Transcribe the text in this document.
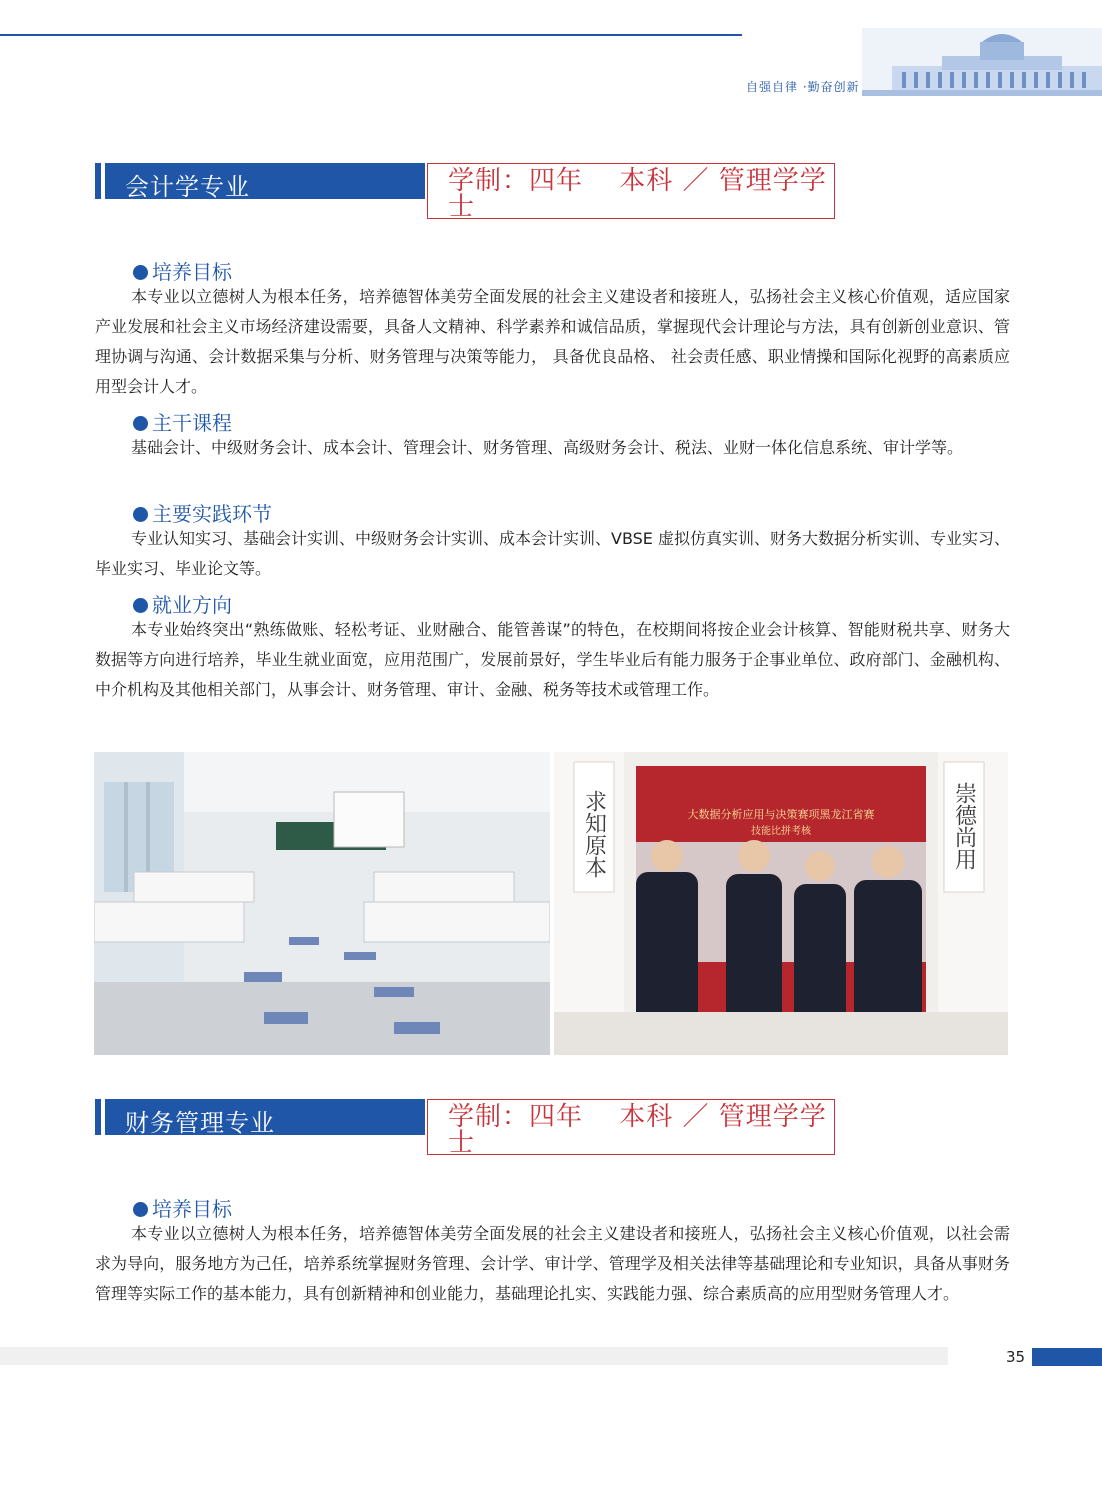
自强自律 ·勤奋创新
会计学专业	学制：四年　 本科 ／ 管理学学士
培养目标
本专业以立德树人为根本任务，培养德智体美劳全面发展的社会主义建设者和接班人，弘扬社会主义核心价值观，适应国家产业发展和社会主义市场经济建设需要，具备人文精神、科学素养和诚信品质，掌握现代会计理论与方法，具有创新创业意识、管理协调与沟通、会计数据采集与分析、财务管理与决策等能力， 具备优良品格、 社会责任感、职业情操和国际化视野的高素质应用型会计人才。
主干课程
基础会计、中级财务会计、成本会计、管理会计、财务管理、高级财务会计、税法、业财一体化信息系统、审计学等。
主要实践环节
专业认知实习、基础会计实训、中级财务会计实训、成本会计实训、VBSE 虚拟仿真实训、财务大数据分析实训、专业实习、毕业实习、毕业论文等。
就业方向
本专业始终突出“熟练做账、轻松考证、业财融合、能管善谋”的特色，在校期间将按企业会计核算、智能财税共享、财务大数据等方向进行培养，毕业生就业面宽，应用范围广，发展前景好，学生毕业后有能力服务于企事业单位、政府部门、金融机构、中介机构及其他相关部门，从事会计、财务管理、审计、金融、税务等技术或管理工作。
求知原本	崇德尚用
大数据分析应用与决策赛项黑龙江省赛
技能比拼考核
财务管理专业	学制：四年　 本科 ／ 管理学学士
培养目标
本专业以立德树人为根本任务，培养德智体美劳全面发展的社会主义建设者和接班人，弘扬社会主义核心价值观，以社会需求为导向，服务地方为己任，培养系统掌握财务管理、会计学、审计学、管理学及相关法律等基础理论和专业知识，具备从事财务管理等实际工作的基本能力，具有创新精神和创业能力，基础理论扎实、实践能力强、综合素质高的应用型财务管理人才。
35
